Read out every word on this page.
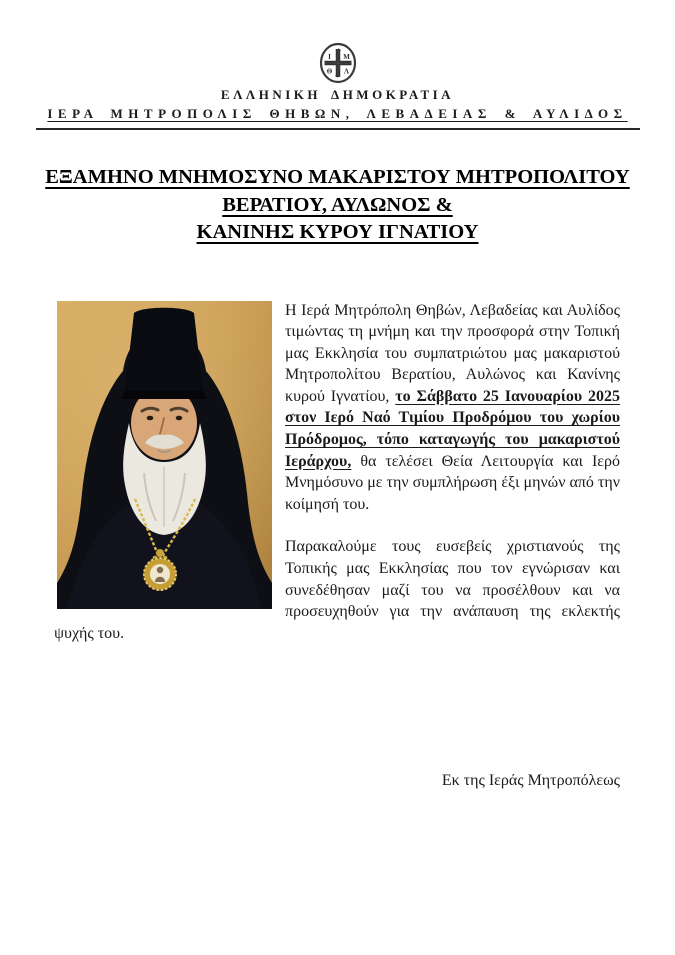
Ι Μ
Θ Λ
ΕΛΛΗΝΙΚΗ ΔΗΜΟΚΡΑΤΙΑ
ΙΕΡΑ ΜΗΤΡΟΠΟΛΙΣ ΘΗΒΩΝ, ΛΕΒΑΔΕΙΑΣ & ΑΥΛΙΔΟΣ
ΕΞΑΜΗΝΟ ΜΝΗΜΟΣΥΝΟ ΜΑΚΑΡΙΣΤΟΥ ΜΗΤΡΟΠΟΛΙΤΟΥ
ΒΕΡΑΤΙΟΥ, ΑΥΛΩΝΟΣ &
ΚΑΝΙΝΗΣ ΚΥΡΟΥ ΙΓΝΑΤΙΟΥ

Η Ιερά Μητρόπολη Θηβών, Λεβαδείας και Αυλίδος τιμώντας τη μνήμη και την προσφορά στην Τοπική μας Εκκλησία του συμπατριώτου μας μακαριστού Μητροπολίτου Βερατίου, Αυλώνος και Κανίνης κυρού Ιγνατίου, το Σάββατο 25 Ιανουαρίου 2025 στον Ιερό Ναό Τιμίου Προδρόμου του χωρίου Πρόδρομος, τόπο καταγωγής του μακαριστού Ιεράρχου, θα τελέσει Θεία Λειτουργία και Ιερό Μνημόσυνο με την συμπλήρωση έξι μηνών από την κοίμησή του.

Παρακαλούμε τους ευσεβείς χριστιανούς της Τοπικής μας Εκκλησίας που τον εγνώρισαν και συνεδέθησαν μαζί του να προσέλθουν και να προσευχηθούν για την ανάπαυση της εκλεκτής ψυχής του.

Εκ της Ιεράς Μητροπόλεως
